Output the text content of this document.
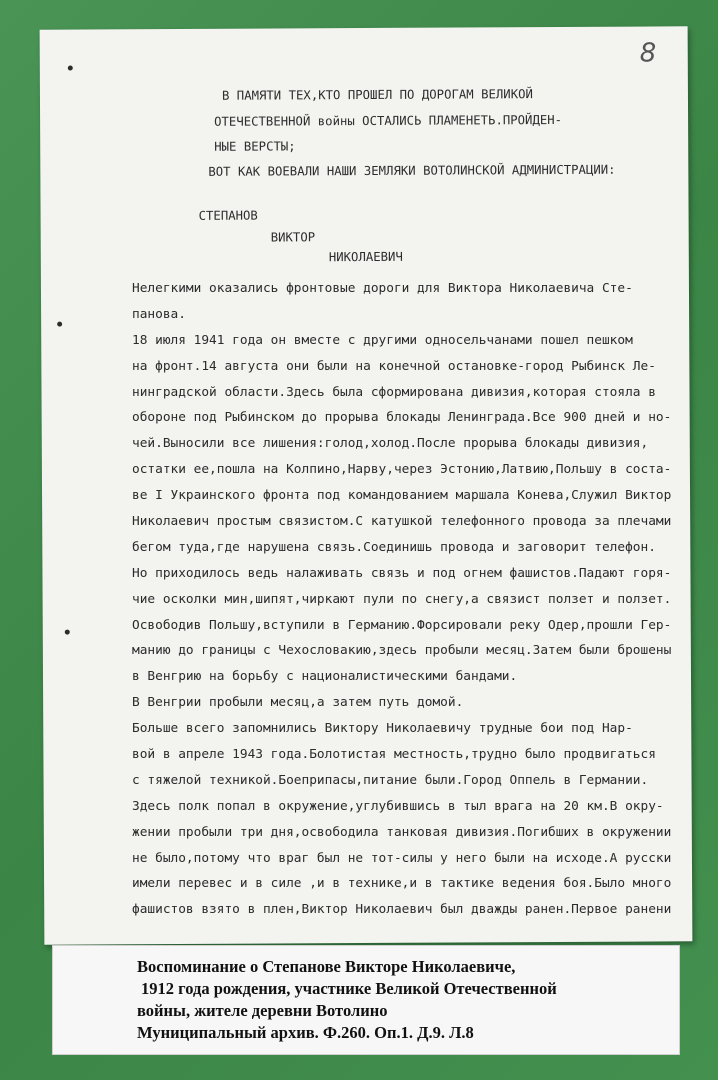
8
В ПАМЯТИ ТЕХ,КТО ПРОШЕЛ ПО ДОРОГАМ ВЕЛИКОЙ
ОТЕЧЕСТВЕННОЙ войны ОСТАЛИСЬ ПЛАМЕНЕТЬ.ПРОЙДЕН-
НЫЕ ВЕРСТЫ;
ВОТ КАК ВОЕВАЛИ НАШИ ЗЕМЛЯКИ ВОТОЛИНСКОЙ АДМИНИСТРАЦИИ:
СТЕПАНОВ
ВИКТОР
НИКОЛАЕВИЧ
Нелегкими оказались фронтовые дороги для Виктора Николаевича Сте-
панова.
18 июля 1941 года он вместе с другими односельчанами пошел пешком
на фронт.14 августа они были на конечной остановке-город Рыбинск Ле-
нинградской области.Здесь была сформирована дивизия,которая стояла в
обороне под Рыбинском до прорыва блокады Ленинграда.Все 900 дней и но-
чей.Выносили все лишения:голод,холод.После прорыва блокады дивизия,
остатки ее,пошла на Колпино,Нарву,через Эстонию,Латвию,Польшу в соста-
ве I Украинского фронта под командованием маршала Конева,Служил Виктор
Николаевич простым связистом.С катушкой телефонного провода за плечами
бегом туда,где нарушена связь.Соединишь провода и заговорит телефон.
Но приходилось ведь налаживать связь и под огнем фашистов.Падают горя-
чие осколки мин,шипят,чиркают пули по снегу,а связист ползет и ползет.
Освободив Польшу,вступили в Германию.Форсировали реку Одер,прошли Гер-
манию до границы с Чехословакию,здесь пробыли месяц.Затем были брошены
в Венгрию на борьбу с националистическими бандами.
В Венгрии пробыли месяц,а затем путь домой.
Больше всего запомнились Виктору Николаевичу трудные бои под Нар-
вой в апреле 1943 года.Болотистая местность,трудно было продвигаться
с тяжелой техникой.Боеприпасы,питание были.Город Оппель в Германии.
Здесь полк попал в окружение,углубившись в тыл врага на 20 км.В окру-
жении пробыли три дня,освободила танковая дивизия.Погибших в окружении
не было,потому что враг был не тот-силы у него были на исходе.А русски
имели перевес и в силе ,и в технике,и в тактике ведения боя.Было много
фашистов взято в плен,Виктор Николаевич был дважды ранен.Первое ранени
Воспоминание о Степанове Викторе Николаевиче,
1912 года рождения, участнике Великой Отечественной
войны, жителе деревни Вотолино
Муниципальный архив. Ф.260. Оп.1. Д.9. Л.8
